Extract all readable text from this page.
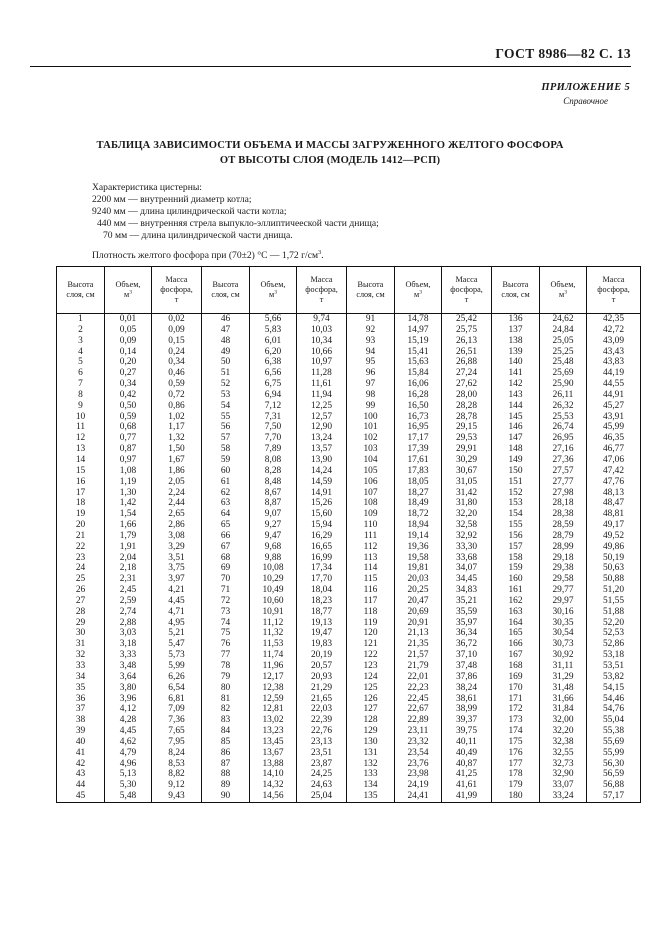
ГОСТ 8986—82 С. 13
ПРИЛОЖЕНИЕ 5
Справочное
ТАБЛИЦА ЗАВИСИМОСТИ ОБЪЕМА И МАССЫ ЗАГРУЖЕННОГО ЖЕЛТОГО ФОСФОРА
ОТ ВЫСОТЫ СЛОЯ (МОДЕЛЬ 1412—РСП)
Характеристика цистерны:
2200 мм — внутренний диаметр котла;
9240 мм — длина цилиндрической части котла;
440 мм — внутренняя стрела выпукло-эллиптичеeской части днища;
70 мм — длина цилиндрической части днища.
Плотность желтого фосфора при (70±2) °С — 1,72 $г/см^3$.
Высота
слоя, см	Объем,
$м^3$	Масса
фосфора,
т	Высота
слоя, см	Объем,
$м^3$	Масса
фосфора,
т	Высота
слоя, см	Объем,
$м^3$	Масса
фосфора,
т	Высота
слоя, см	Объем,
$м^3$	Масса
фосфора,
т
1	0,01	0,02	46	5,66	9,74	91	14,78	25,42	136	24,62	42,35
2	0,05	0,09	47	5,83	10,03	92	14,97	25,75	137	24,84	42,72
3	0,09	0,15	48	6,01	10,34	93	15,19	26,13	138	25,05	43,09
4	0,14	0,24	49	6,20	10,66	94	15,41	26,51	139	25,25	43,43
5	0,20	0,34	50	6,38	10,97	95	15,63	26,88	140	25,48	43,83
6	0,27	0,46	51	6,56	11,28	96	15,84	27,24	141	25,69	44,19
7	0,34	0,59	52	6,75	11,61	97	16,06	27,62	142	25,90	44,55
8	0,42	0,72	53	6,94	11,94	98	16,28	28,00	143	26,11	44,91
9	0,50	0,86	54	7,12	12,25	99	16,50	28,28	144	26,32	45,27
10	0,59	1,02	55	7,31	12,57	100	16,73	28,78	145	25,53	43,91
11	0,68	1,17	56	7,50	12,90	101	16,95	29,15	146	26,74	45,99
12	0,77	1,32	57	7,70	13,24	102	17,17	29,53	147	26,95	46,35
13	0,87	1,50	58	7,89	13,57	103	17,39	29,91	148	27,16	46,77
14	0,97	1,67	59	8,08	13,90	104	17,61	30,29	149	27,36	47,06
15	1,08	1,86	60	8,28	14,24	105	17,83	30,67	150	27,57	47,42
16	1,19	2,05	61	8,48	14,59	106	18,05	31,05	151	27,77	47,76
17	1,30	2,24	62	8,67	14,91	107	18,27	31,42	152	27,98	48,13
18	1,42	2,44	63	8,87	15,26	108	18,49	31,80	153	28,18	48,47
19	1,54	2,65	64	9,07	15,60	109	18,72	32,20	154	28,38	48,81
20	1,66	2,86	65	9,27	15,94	110	18,94	32,58	155	28,59	49,17
21	1,79	3,08	66	9,47	16,29	111	19,14	32,92	156	28,79	49,52
22	1,91	3,29	67	9,68	16,65	112	19,36	33,30	157	28,99	49,86
23	2,04	3,51	68	9,88	16,99	113	19,58	33,68	158	29,18	50,19
24	2,18	3,75	69	10,08	17,34	114	19,81	34,07	159	29,38	50,63
25	2,31	3,97	70	10,29	17,70	115	20,03	34,45	160	29,58	50,88
26	2,45	4,21	71	10,49	18,04	116	20,25	34,83	161	29,77	51,20
27	2,59	4,45	72	10,60	18,23	117	20,47	35,21	162	29,97	51,55
28	2,74	4,71	73	10,91	18,77	118	20,69	35,59	163	30,16	51,88
29	2,88	4,95	74	11,12	19,13	119	20,91	35,97	164	30,35	52,20
30	3,03	5,21	75	11,32	19,47	120	21,13	36,34	165	30,54	52,53
31	3,18	5,47	76	11,53	19,83	121	21,35	36,72	166	30,73	52,86
32	3,33	5,73	77	11,74	20,19	122	21,57	37,10	167	30,92	53,18
33	3,48	5,99	78	11,96	20,57	123	21,79	37,48	168	31,11	53,51
34	3,64	6,26	79	12,17	20,93	124	22,01	37,86	169	31,29	53,82
35	3,80	6,54	80	12,38	21,29	125	22,23	38,24	170	31,48	54,15
36	3,96	6,81	81	12,59	21,65	126	22,45	38,61	171	31,66	54,46
37	4,12	7,09	82	12,81	22,03	127	22,67	38,99	172	31,84	54,76
38	4,28	7,36	83	13,02	22,39	128	22,89	39,37	173	32,00	55,04
39	4,45	7,65	84	13,23	22,76	129	23,11	39,75	174	32,20	55,38
40	4,62	7,95	85	13,45	23,13	130	23,32	40,11	175	32,38	55,69
41	4,79	8,24	86	13,67	23,51	131	23,54	40,49	176	32,55	55,99
42	4,96	8,53	87	13,88	23,87	132	23,76	40,87	177	32,73	56,30
43	5,13	8,82	88	14,10	24,25	133	23,98	41,25	178	32,90	56,59
44	5,30	9,12	89	14,32	24,63	134	24,19	41,61	179	33,07	56,88
45	5,48	9,43	90	14,56	25,04	135	24,41	41,99	180	33,24	57,17
